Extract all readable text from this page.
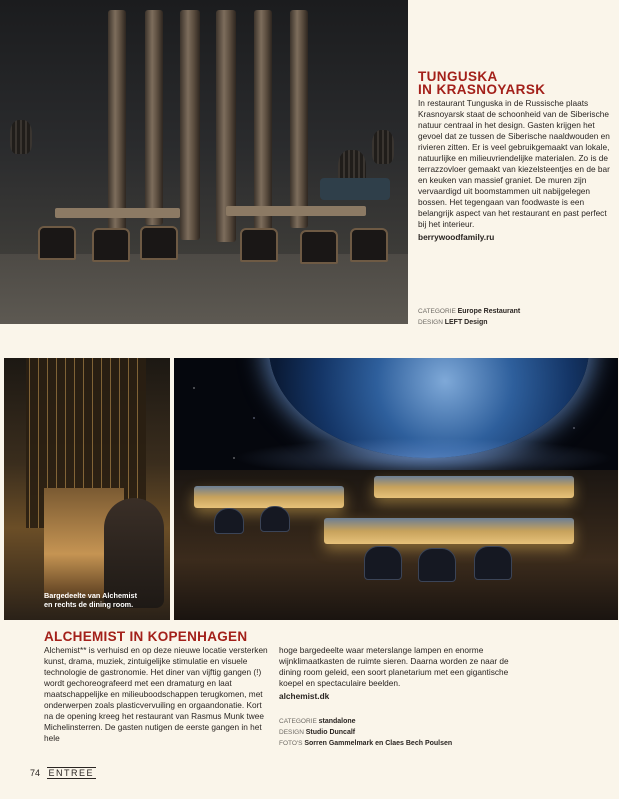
TUNGUSKA

IN KRASNOYARSK

In restaurant Tunguska in de Russische plaats Krasnoyarsk staat de schoonheid van de Siberische natuur centraal in het design. Gasten krijgen het gevoel dat ze tussen de Siberische naaldwouden en rivieren zitten. Er is veel gebruikgemaakt van lokale, natuurlijke en milieuvriendelijke materialen. Zo is de terrazzovloer gemaakt van kiezelsteentjes en de bar en keuken van massief graniet. De muren zijn vervaardigd uit boomstammen uit nabijgelegen bossen. Het tegengaan van foodwaste is een belangrijk aspect van het restaurant en past perfect bij het interieur.

berrywoodfamily.ru
CATEGORIE Europe Restaurant
DESIGN LEFT Design
Bargedeelte van Alchemist
en rechts de dining room.

ALCHEMIST IN KOPENHAGEN

Alchemist** is verhuisd en op deze nieuwe locatie versterken kunst, drama, muziek, zintuigelijke stimulatie en visuele technologie de gastronomie. Het diner van vijftig gangen (!) wordt gechoreografeerd met een dramaturg en laat maatschappelijke en milieuboodschappen terugkomen, met onderwerpen zoals plasticvervuiling en orgaandonatie. Kort na de opening kreeg het restaurant van Rasmus Munk twee Michelinsterren. De gasten nutigen de eerste gangen in het hele

hoge bargedeelte waar meterslange lampen en enorme wijnklimaatkasten de ruimte sieren. Daarna worden ze naar de dining room geleid, een soort planetarium met een gigantische koepel en spectaculaire beelden.

alchemist.dk
CATEGORIE standalone
DESIGN Studio Duncalf
FOTO'S Sorren Gammelmark en Claes Bech Poulsen
74 ENTREE
